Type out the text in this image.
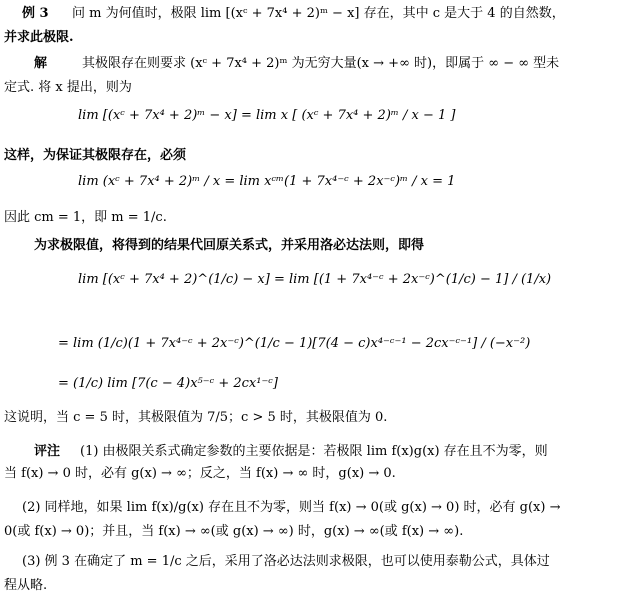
例 3 问 m 为何值时，极限 lim [(xᶜ + 7x⁴ + 2)ᵐ − x] 存在，其中 c 是大于 4 的自然数，
并求此极限.
解	其极限存在则要求 (xᶜ + 7x⁴ + 2)ᵐ 为无穷大量(x → +∞ 时)，即属于 ∞ − ∞ 型未
定式. 将 x 提出，则为
lim [(xᶜ + 7x⁴ + 2)ᵐ − x] = lim x [ (xᶜ + 7x⁴ + 2)ᵐ / x − 1 ]
这样，为保证其极限存在，必须
lim (xᶜ + 7x⁴ + 2)ᵐ / x = lim xᶜᵐ(1 + 7x⁴⁻ᶜ + 2x⁻ᶜ)ᵐ / x = 1
因此 cm = 1，即 m = 1/c.
为求极限值，将得到的结果代回原关系式，并采用洛必达法则，即得
lim [(xᶜ + 7x⁴ + 2)^(1/c) − x] = lim [(1 + 7x⁴⁻ᶜ + 2x⁻ᶜ)^(1/c) − 1] / (1/x)
= lim (1/c)(1 + 7x⁴⁻ᶜ + 2x⁻ᶜ)^(1/c − 1)[7(4 − c)x⁴⁻ᶜ⁻¹ − 2cx⁻ᶜ⁻¹] / (−x⁻²)
= (1/c) lim [7(c − 4)x⁵⁻ᶜ + 2cx¹⁻ᶜ]
这说明，当 c = 5 时，其极限值为 7/5；c > 5 时，其极限值为 0.
评注 (1) 由极限关系式确定参数的主要依据是：若极限 lim f(x)g(x) 存在且不为零，则
当 f(x) → 0 时，必有 g(x) → ∞；反之，当 f(x) → ∞ 时，g(x) → 0.
(2) 同样地，如果 lim f(x)/g(x) 存在且不为零，则当 f(x) → 0(或 g(x) → 0) 时，必有 g(x) →
0(或 f(x) → 0)；并且，当 f(x) → ∞(或 g(x) → ∞) 时，g(x) → ∞(或 f(x) → ∞).
(3) 例 3 在确定了 m = 1/c 之后，采用了洛必达法则求极限，也可以使用泰勒公式，具体过
程从略.
